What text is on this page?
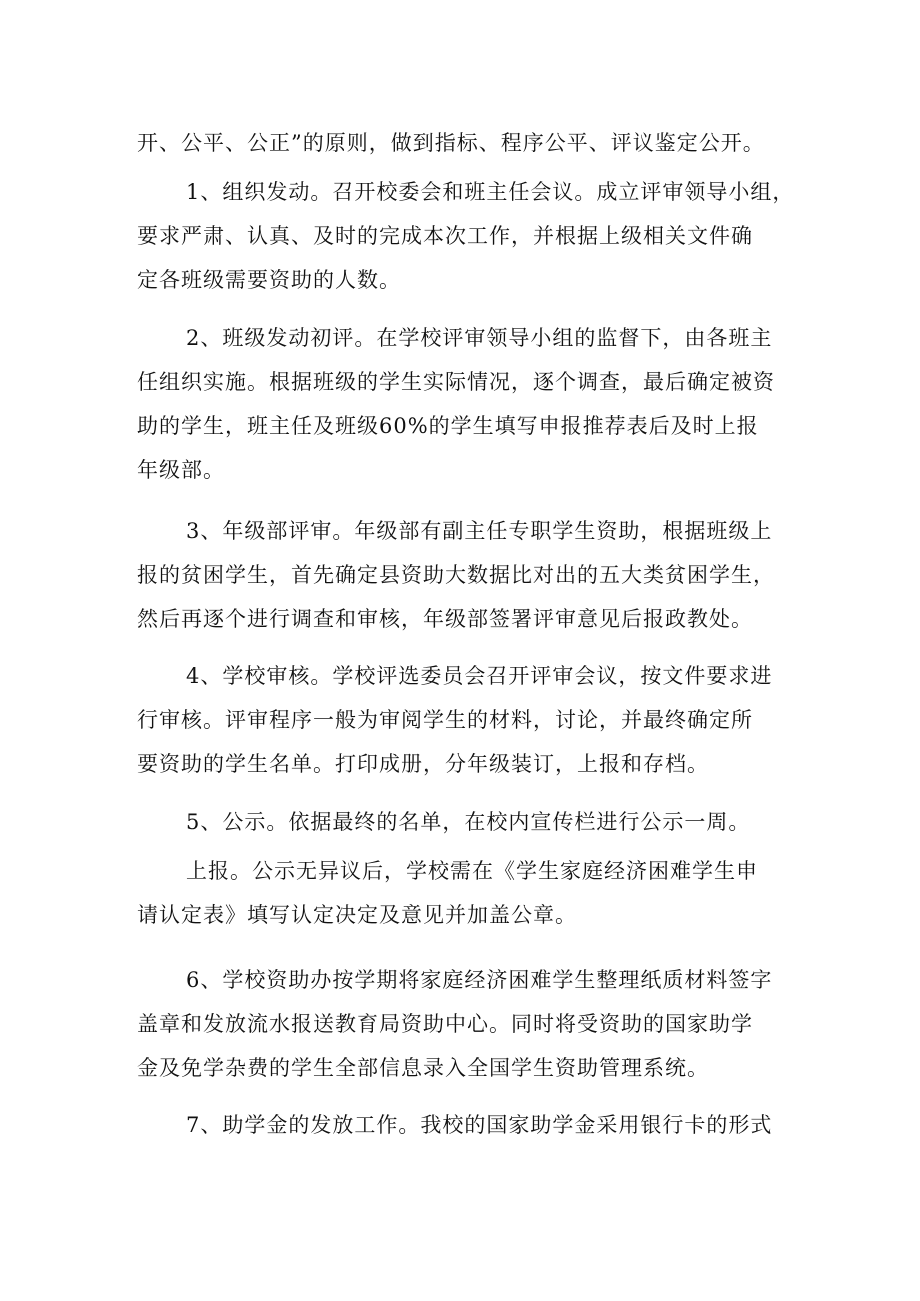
开、公平、公正”的原则，做到指标、程序公平、评议鉴定公开。

1、组织发动。召开校委会和班主任会议。成立评审领导小组，
要求严肃、认真、及时的完成本次工作，并根据上级相关文件确
定各班级需要资助的人数。

2、班级发动初评。在学校评审领导小组的监督下，由各班主
任组织实施。根据班级的学生实际情况，逐个调查，最后确定被资
助的学生，班主任及班级60%的学生填写申报推荐表后及时上报
年级部。

3、年级部评审。年级部有副主任专职学生资助，根据班级上
报的贫困学生，首先确定县资助大数据比对出的五大类贫困学生，
然后再逐个进行调查和审核，年级部签署评审意见后报政教处。

4、学校审核。学校评选委员会召开评审会议，按文件要求进
行审核。评审程序一般为审阅学生的材料，讨论，并最终确定所
要资助的学生名单。打印成册，分年级装订，上报和存档。

5、公示。依据最终的名单，在校内宣传栏进行公示一周。

上报。公示无异议后，学校需在《学生家庭经济困难学生申
请认定表》填写认定决定及意见并加盖公章。

6、学校资助办按学期将家庭经济困难学生整理纸质材料签字
盖章和发放流水报送教育局资助中心。同时将受资助的国家助学
金及免学杂费的学生全部信息录入全国学生资助管理系统。

7、助学金的发放工作。我校的国家助学金采用银行卡的形式
